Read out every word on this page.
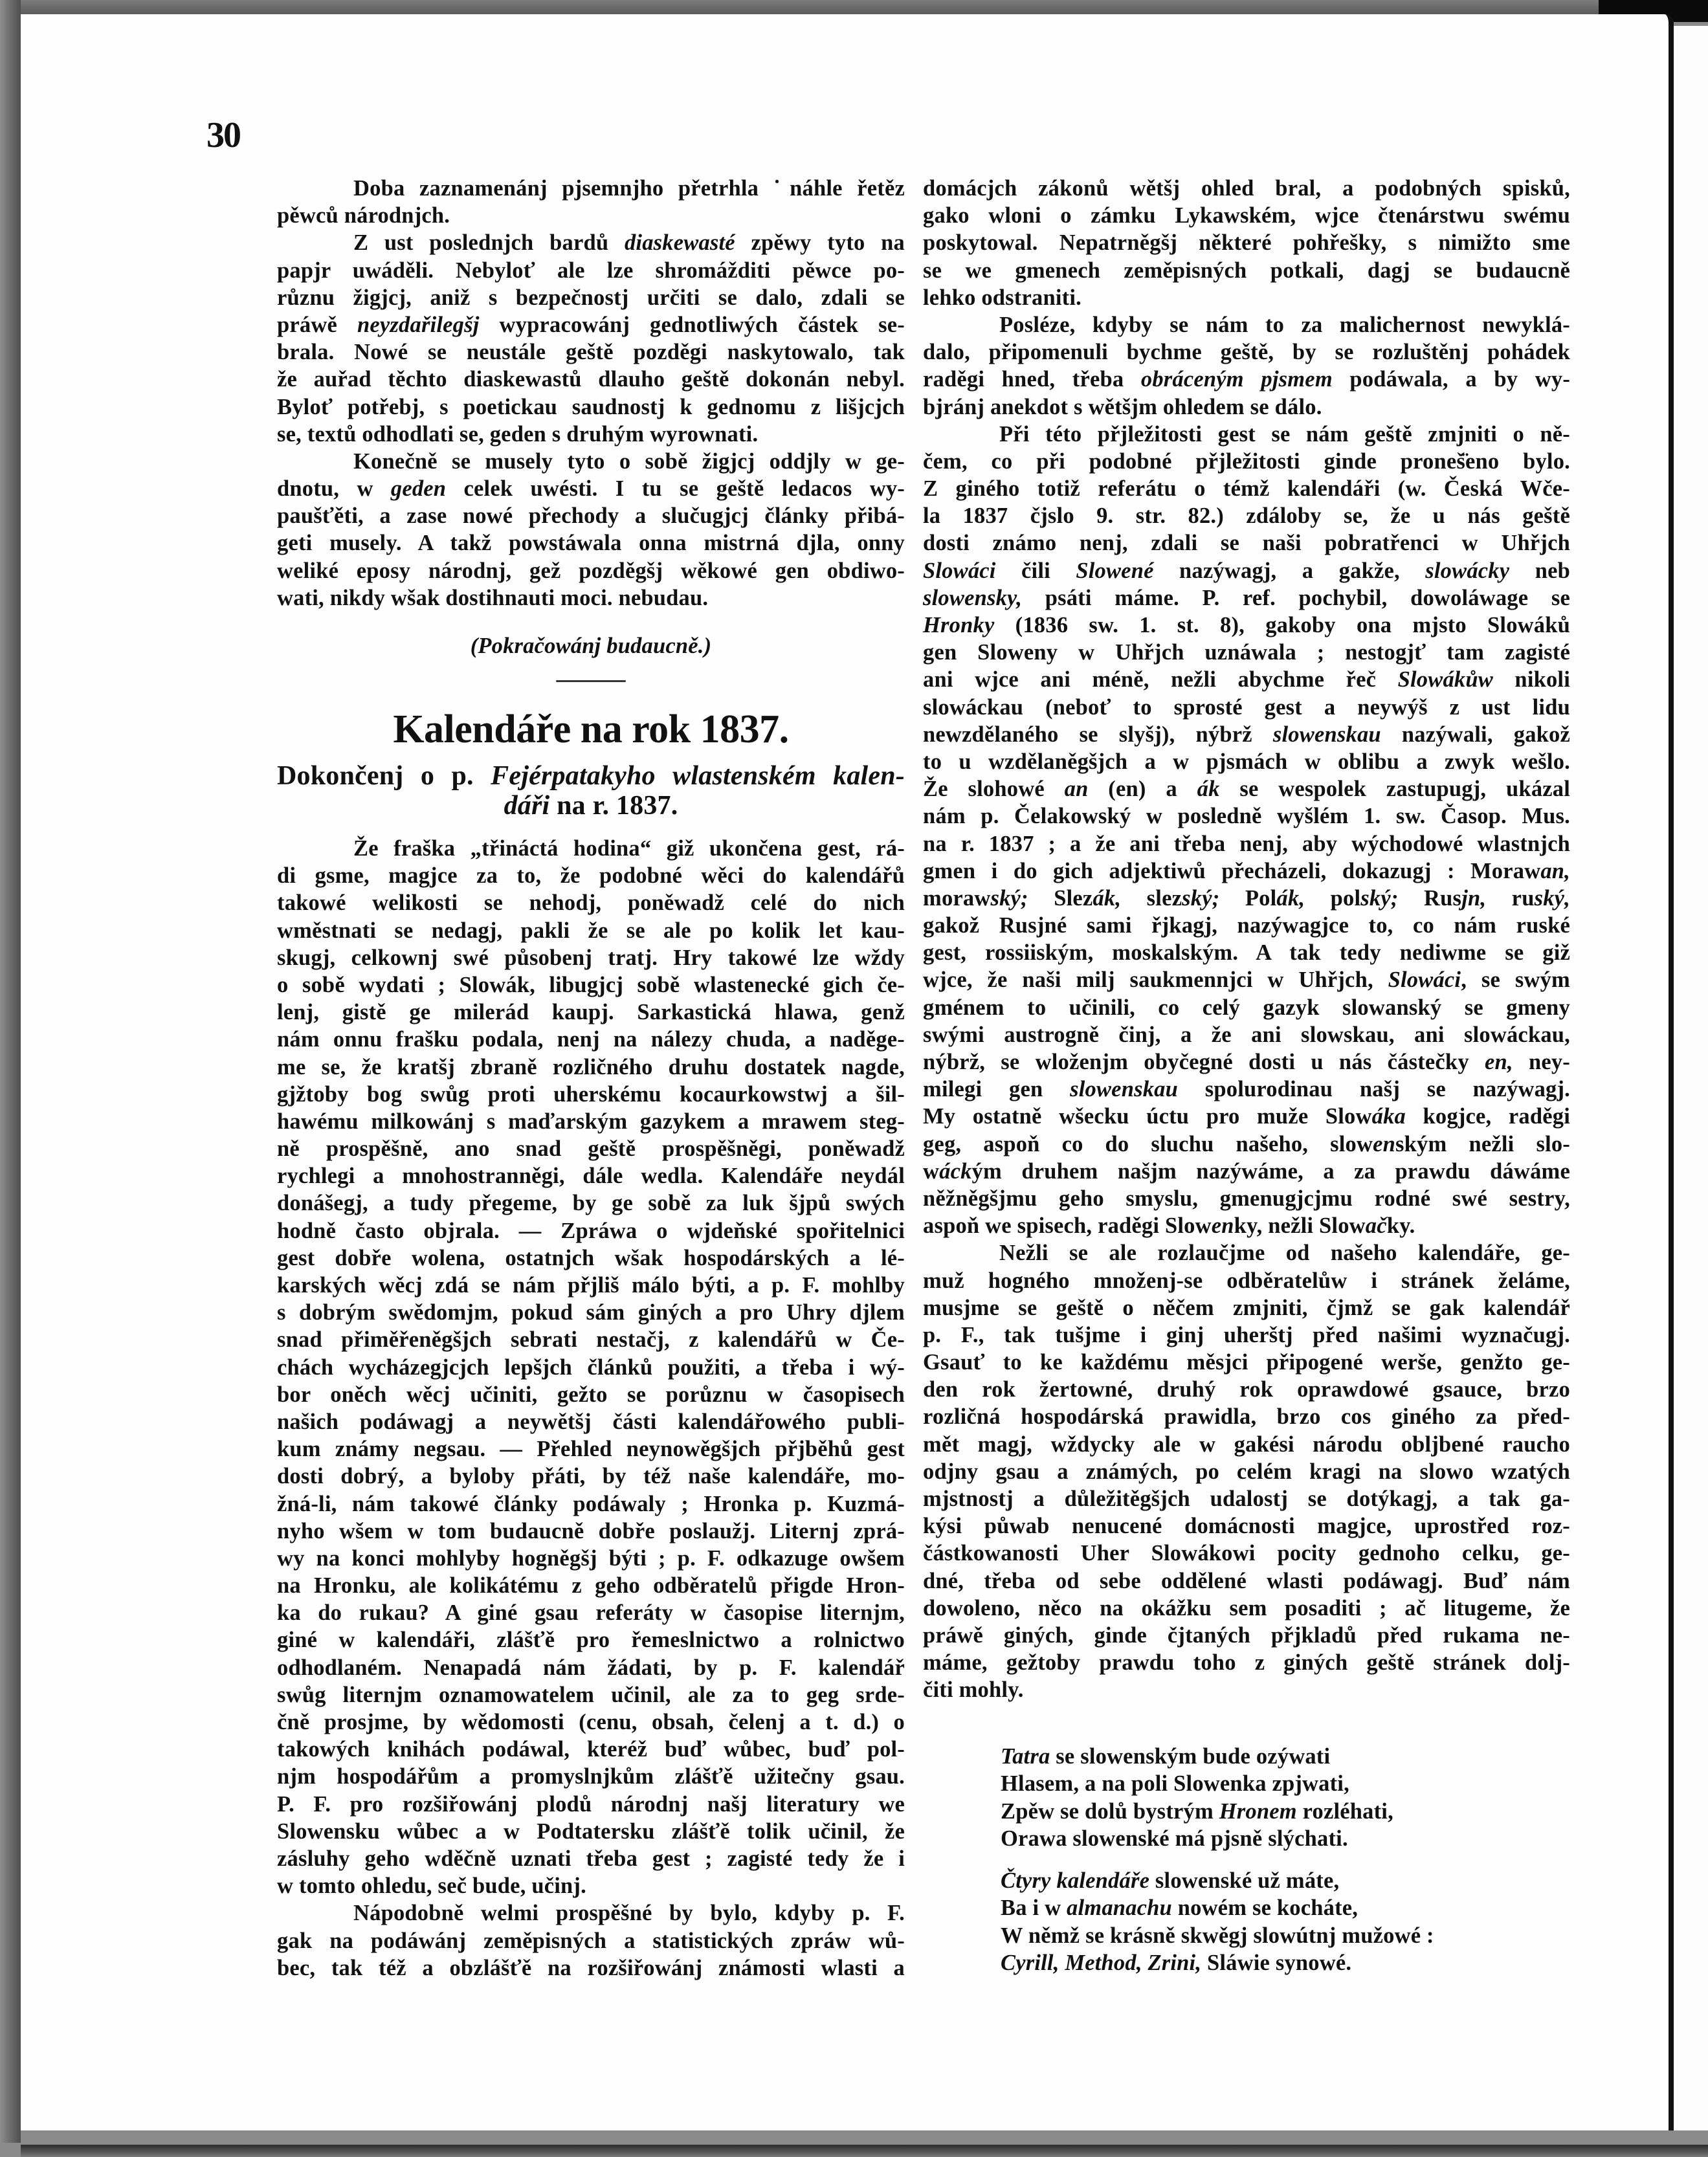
30
Doba zaznamenánj pjsemnjho přetrhla ˙náhle řetěz
pěwců národnjch.
Z ust poslednjch bardů diaskewasté zpěwy tyto na
papjr uwáděli. Nebyloť ale lze shromážditi pěwce po-
různu žigjcj, aniž s bezpečnostj určiti se dalo, zdali se
práwě neyzdařilegšj wypracowánj gednotliwých částek se-
brala. Nowé se neustále geště pozděgi naskytowalo, tak
že auřad těchto diaskewastů dlauho geště dokonán nebyl.
Byloť potřebj, s poetickau saudnostj k gednomu z lišjcjch
se, textů odhodlati se, geden s druhým wyrownati.
Konečně se musely tyto o sobě žigjcj oddjly w ge-
dnotu, w geden celek uwésti. I tu se geště ledacos wy-
paušťěti, a zase nowé přechody a slučugjcj články přibá-
geti musely. A takž powstáwala onna mistrná djla, onny
weliké eposy národnj, gež pozděgšj wěkowé gen obdiwo-
wati, nikdy wšak dostihnauti moci. nebudau.
(Pokračowánj budaucně.)
Kalendáře na rok 1837.
Dokončenj o p. Fejérpatakyho wlastenském kalen-
dáři na r. 1837.
Že fraška „třináctá hodina“ giž ukončena gest, rá-
di gsme, magjce za to, že podobné wěci do kalendářů
takowé welikosti se nehodj, poněwadž celé do nich
wměstnati se nedagj, pakli že se ale po kolik let kau-
skugj, celkownj swé působenj tratj. Hry takowé lze wždy
o sobě wydati ; Slowák, libugjcj sobě wlastenecké gich če-
lenj, gistě ge milerád kaupj. Sarkastická hlawa, genž
nám onnu frašku podala, nenj na nálezy chuda, a naděge-
me se, že kratšj zbraně rozličného druhu dostatek nagde,
gjžtoby bog swůg proti uherskému kocaurkowstwj a šil-
hawému milkowánj s maďarským gazykem a mrawem steg-
ně prospěšně, ano snad geště prospěšněgi, poněwadž
rychlegi a mnohostranněgi, dále wedla. Kalendáře neydál
donášegj, a tudy přegeme, by ge sobě za luk šjpů swých
hodně často objrala. — Zpráwa o wjdeňské spořitelnici
gest dobře wolena, ostatnjch wšak hospodárských a lé-
karských wěcj zdá se nám přjliš málo býti, a p. F. mohlby
s dobrým swědomjm, pokud sám giných a pro Uhry djlem
snad přiměřeněgšjch sebrati nestačj, z kalendářů w Če-
chách wycházegjcjch lepšjch článků použiti, a třeba i wý-
bor oněch wěcj učiniti, gežto se porůznu w časopisech
našich podáwagj a neywětšj části kalendářowého publi-
kum známy negsau. — Přehled neynowěgšjch přjběhů gest
dosti dobrý, a byloby přáti, by též naše kalendáře, mo-
žná-li, nám takowé články podáwaly ; Hronka p. Kuzmá-
nyho wšem w tom budaucně dobře poslaužj. Liternj zprá-
wy na konci mohlyby hogněgšj býti ; p. F. odkazuge owšem
na Hronku, ale kolikátému z geho odběratelů přigde Hron-
ka do rukau? A giné gsau referáty w časopise liternjm,
giné w kalendáři, zlášťě pro řemeslnictwo a rolnictwo
odhodlaném. Nenapadá nám žádati, by p. F. kalendář
swůg liternjm oznamowatelem učinil, ale za to geg srde-
čně prosjme, by wědomosti (cenu, obsah, čelenj a t. d.) o
takowých knihách podáwal, kteréž buď wůbec, buď pol-
njm hospodářům a promyslnjkům zlášťě užitečny gsau.
P. F. pro rozšiřowánj plodů národnj našj literatury we
Slowensku wůbec a w Podtatersku zlášťě tolik učinil, že
zásluhy geho wděčně uznati třeba gest ; zagisté tedy že i
w tomto ohledu, seč bude, učinj.
Nápodobně welmi prospěšné by bylo, kdyby p. F.
gak na podáwánj zeměpisných a statistických zpráw wů-
bec, tak též a obzlášťě na rozšiřowánj známosti wlasti a
domácjch zákonů wětšj ohled bral, a podobných spisků,
gako wloni o zámku Lykawském, wjce čtenárstwu swému
poskytowal. Nepatrněgšj některé pohřešky, s nimižto sme
se we gmenech zeměpisných potkali, dagj se budaucně
lehko odstraniti.
Posléze, kdyby se nám to za malichernost newyklá-
dalo, připomenuli bychme geště, by se rozluštěnj pohádek
raděgi hned, třeba obráceným pjsmem podáwala, a by wy-
bjránj anekdot s wětšjm ohledem se dálo.
Při této přjležitosti gest se nám geště zmjniti o ně-
čem, co při podobné přjležitosti ginde proneš̈eno bylo.
Z giného totiž referátu o témž kalendáři (w. Česká Wče-
la 1837 čjslo 9. str. 82.) zdáloby se, že u nás geště
dosti známo nenj, zdali se naši pobratřenci w Uhřjch
Slowáci čili Slowené nazýwagj, a gakže, slowácky neb
slowensky, psáti máme. P. ref. pochybil, dowoláwage se
Hronky (1836 sw. 1. st. 8), gakoby ona mjsto Slowáků
gen Sloweny w Uhřjch uznáwala ; nestogjť tam zagisté
ani wjce ani méně, nežli abychme řeč Slowákůw nikoli
slowáckau (neboť to sprosté gest a neywýš z ust lidu
newzdělaného se slyšj), nýbrž slowenskau nazýwali, gakož
to u wzdělaněgšjch a w pjsmách w oblibu a zwyk wešlo.
Že slohowé an (en) a ák se wespolek zastupugj, ukázal
nám p. Čelakowský w posledně wyšlém 1. sw. Časop. Mus.
na r. 1837 ; a že ani třeba nenj, aby wýchodowé wlastnjch
gmen i do gich adjektiwů přecházeli, dokazugj : Morawan,
morawský; Slezák, slezský; Polák, polský; Rusjn, ruský,
gakož Rusjné sami řjkagj, nazýwagjce to, co nám ruské
gest, rossiiským, moskalským. A tak tedy nediwme se giž
wjce, že naši milj saukmennjci w Uhřjch, Slowáci, se swým
gménem to učinili, co celý gazyk slowanský se gmeny
swými austrogně činj, a že ani slowskau, ani slowáckau,
nýbrž, se wloženjm obyčegné dosti u nás částečky en, ney-
milegi gen slowenskau spolurodinau našj se nazýwagj.
My ostatně wšecku úctu pro muže Slowáka kogjce, raděgi
geg, aspoň co do sluchu našeho, slowenským nežli slo-
wáckým druhem našjm nazýwáme, a za prawdu dáwáme
něžněgšjmu geho smyslu, gmenugjcjmu rodné swé sestry,
aspoň we spisech, raděgi Slowenky, nežli Slowačky.
Nežli se ale rozlaučjme od našeho kalendáře, ge-
muž hogného množenj-se odběratelůw i stránek želáme,
musjme se geště o něčem zmjniti, čjmž se gak kalendář
p. F., tak tušjme i ginj uherštj před našimi wyznačugj.
Gsauť to ke každému měsjci připogené werše, genžto ge-
den rok žertowné, druhý rok oprawdowé gsauce, brzo
rozličná hospodárská prawidla, brzo cos giného za před-
mět magj, wždycky ale w gakési národu obljbené raucho
odjny gsau a známých, po celém kragi na slowo wzatých
mjstnostj a důležitěgšjch udalostj se dotýkagj, a tak ga-
kýsi půwab nenucené domácnosti magjce, uprostřed roz-
částkowanosti Uher Slowákowi pocity gednoho celku, ge-
dné, třeba od sebe oddělené wlasti podáwagj. Buď nám
dowoleno, něco na okážku sem posaditi ; ač litugeme, že
práwě giných, ginde čjtaných přjkladů před rukama ne-
máme, gežtoby prawdu toho z giných geště stránek dolj-
čiti mohly.
Tatra se slowenským bude ozýwati
Hlasem, a na poli Slowenka zpjwati,
Zpěw se dolů bystrým Hronem rozléhati,
Orawa slowenské má pjsně slýchati.
Čtyry kalendáře slowenské už máte,
Ba i w almanachu nowém se kocháte,
W němž se krásně skwěgj slowútnj mužowé :
Cyrill, Method, Zrini, Sláwie synowé.
